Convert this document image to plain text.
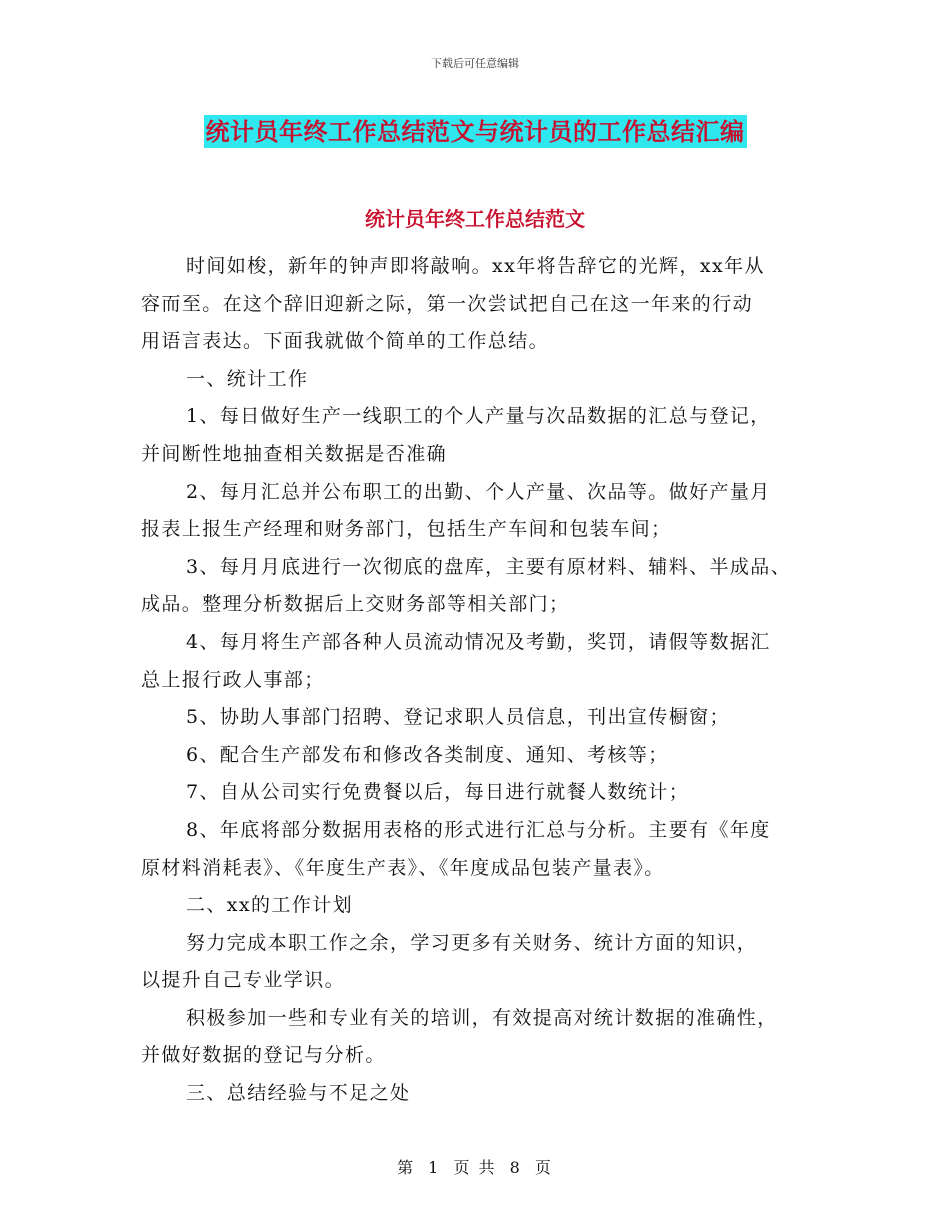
下载后可任意编辑
统计员年终工作总结范文与统计员的工作总结汇编
统计员年终工作总结范文

时间如梭，新年的钟声即将敲响。xx年将告辞它的光辉，xx年从
容而至。在这个辞旧迎新之际，第一次尝试把自己在这一年来的行动
用语言表达。下面我就做个简单的工作总结。

一、统计工作

1、每日做好生产一线职工的个人产量与次品数据的汇总与登记，
并间断性地抽查相关数据是否准确

2、每月汇总并公布职工的出勤、个人产量、次品等。做好产量月
报表上报生产经理和财务部门，包括生产车间和包装车间；

3、每月月底进行一次彻底的盘库，主要有原材料、辅料、半成品、
成品。整理分析数据后上交财务部等相关部门；

4、每月将生产部各种人员流动情况及考勤，奖罚，请假等数据汇
总上报行政人事部；

5、协助人事部门招聘、登记求职人员信息，刊出宣传橱窗；

6、配合生产部发布和修改各类制度、通知、考核等；

7、自从公司实行免费餐以后，每日进行就餐人数统计；

8、年底将部分数据用表格的形式进行汇总与分析。主要有《年度
原材料消耗表》、《年度生产表》、《年度成品包装产量表》。

二、xx的工作计划

努力完成本职工作之余，学习更多有关财务、统计方面的知识，
以提升自己专业学识。

积极参加一些和专业有关的培训，有效提高对统计数据的准确性，
并做好数据的登记与分析。

三、总结经验与不足之处

第 1 页 共 8 页
